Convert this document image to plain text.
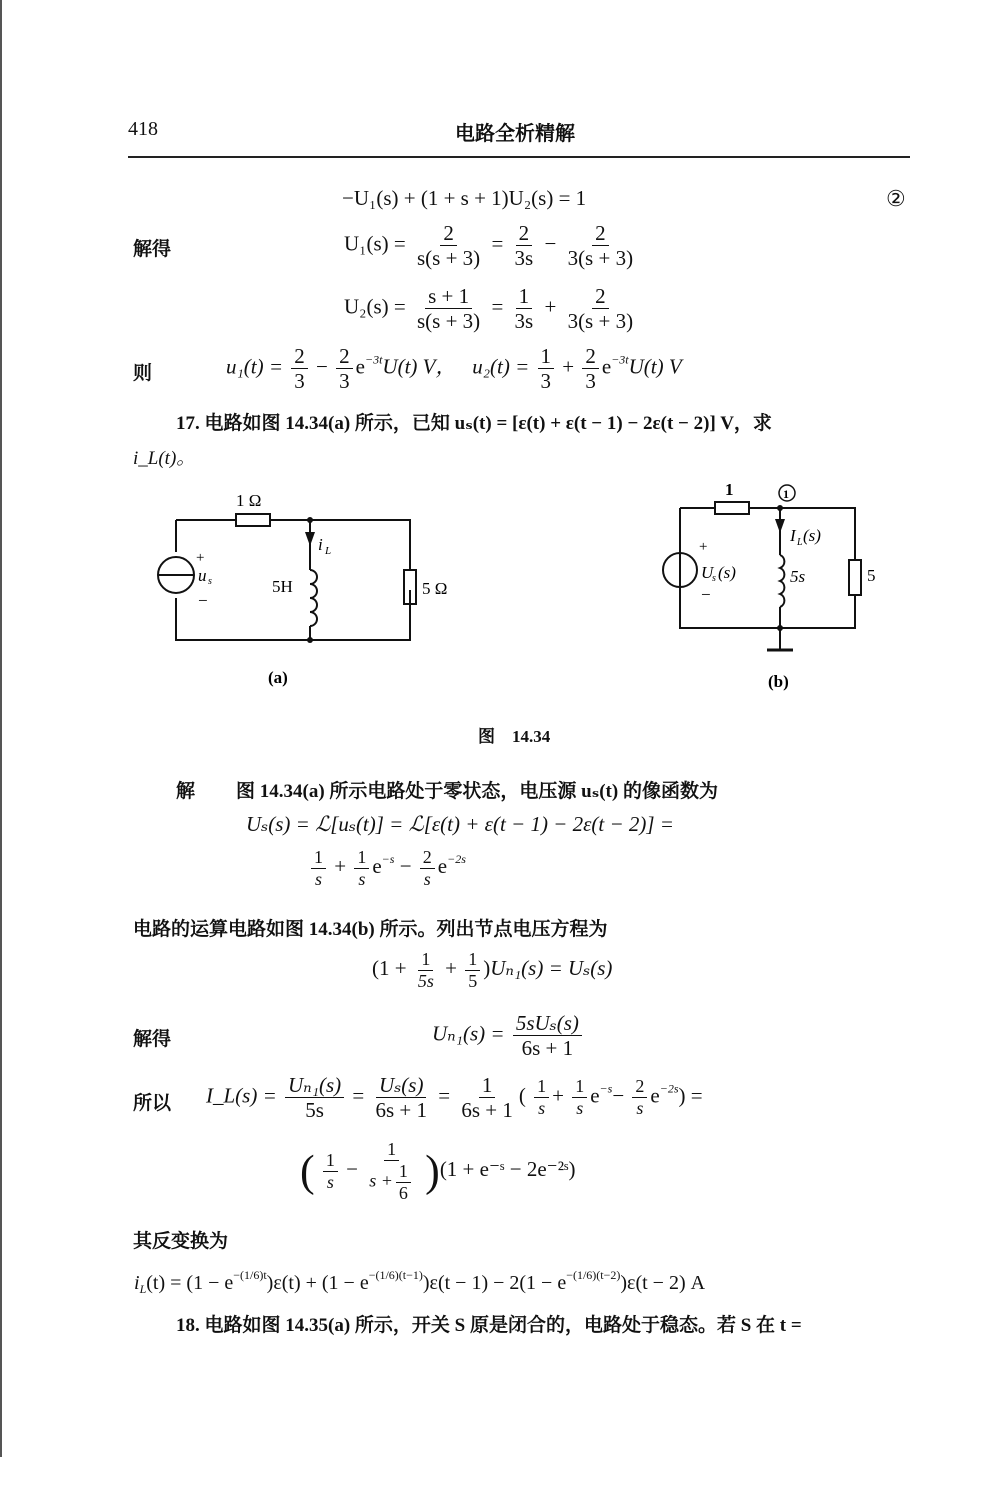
418	电路全析精解
−U₁(s) + (1 + s + 1)U₂(s) = 1	②
解得	$U_1(s) = \frac{2}{s(s + 3)} = \frac{2}{3s} - \frac{2}{3(s + 3)}$
$U_2(s) = \frac{s + 1}{s(s + 3)} = \frac{1}{3s} + \frac{2}{3(s + 3)}$
则	$u_1(t) = \frac{2}{3} - \frac{2}{3} e^{-3t}U(t)$ V， $u_2(t) = \frac{1}{3} + \frac{2}{3} e^{-3t}U(t)$ V
17. 电路如图 14.34(a) 所示，已知 uₛ(t) = [ε(t) + ε(t − 1) − 2ε(t − 2)] V，求
i_L(t)。
1 Ω
i L
5H	5 Ω
+
u s
−
(a)
1	1
I L (s)
5s	5
+
U
s (s)
−
(b)
图    14.34
解 图 14.34(a) 所示电路处于零状态，电压源 uₛ(t) 的像函数为
Uₛ(s) = ℒ[uₛ(t)] = ℒ[ε(t) + ε(t − 1) − 2ε(t − 2)] =
$\frac{1}{s} + \frac{1}{s} e^{-s} - \frac{2}{s} e^{-2s}$
电路的运算电路如图 14.34(b) 所示。列出节点电压方程为
$(1 + \frac{1}{5s} + \frac{1}{5} )U_{n1}(s) = U_s(s)$
解得	$U_{n1}(s) = \frac{\text{5sUₛ(s)}}{6s + 1}$
所以 I_L(s) = $\frac{\text{Uₙ₁(s)}}{5s} = \frac{\text{Uₛ(s)}}{6s + 1} = \frac{1}{6s + 1}$ ( $\frac{1}{s} + \frac{1}{s} e^{-s}- \frac{2}{s} e^{-2s}$) =
( $\frac{1}{s} - \frac{1}{s + \frac{1}{6}} )(1$ + e⁻ˢ − 2e⁻²ˢ)
其反变换为
$i_L(t) = (1 - e^{-(1/6)t})\varepsilon(t) + (1 - e^{-(1/6)(t-1)})\varepsilon(t - 1) - 2(1 - e^{-(1/6)(t-2)})\varepsilon(t - 2)$ A
18. 电路如图 14.35(a) 所示，开关 S 原是闭合的，电路处于稳态。若 S 在 t =
